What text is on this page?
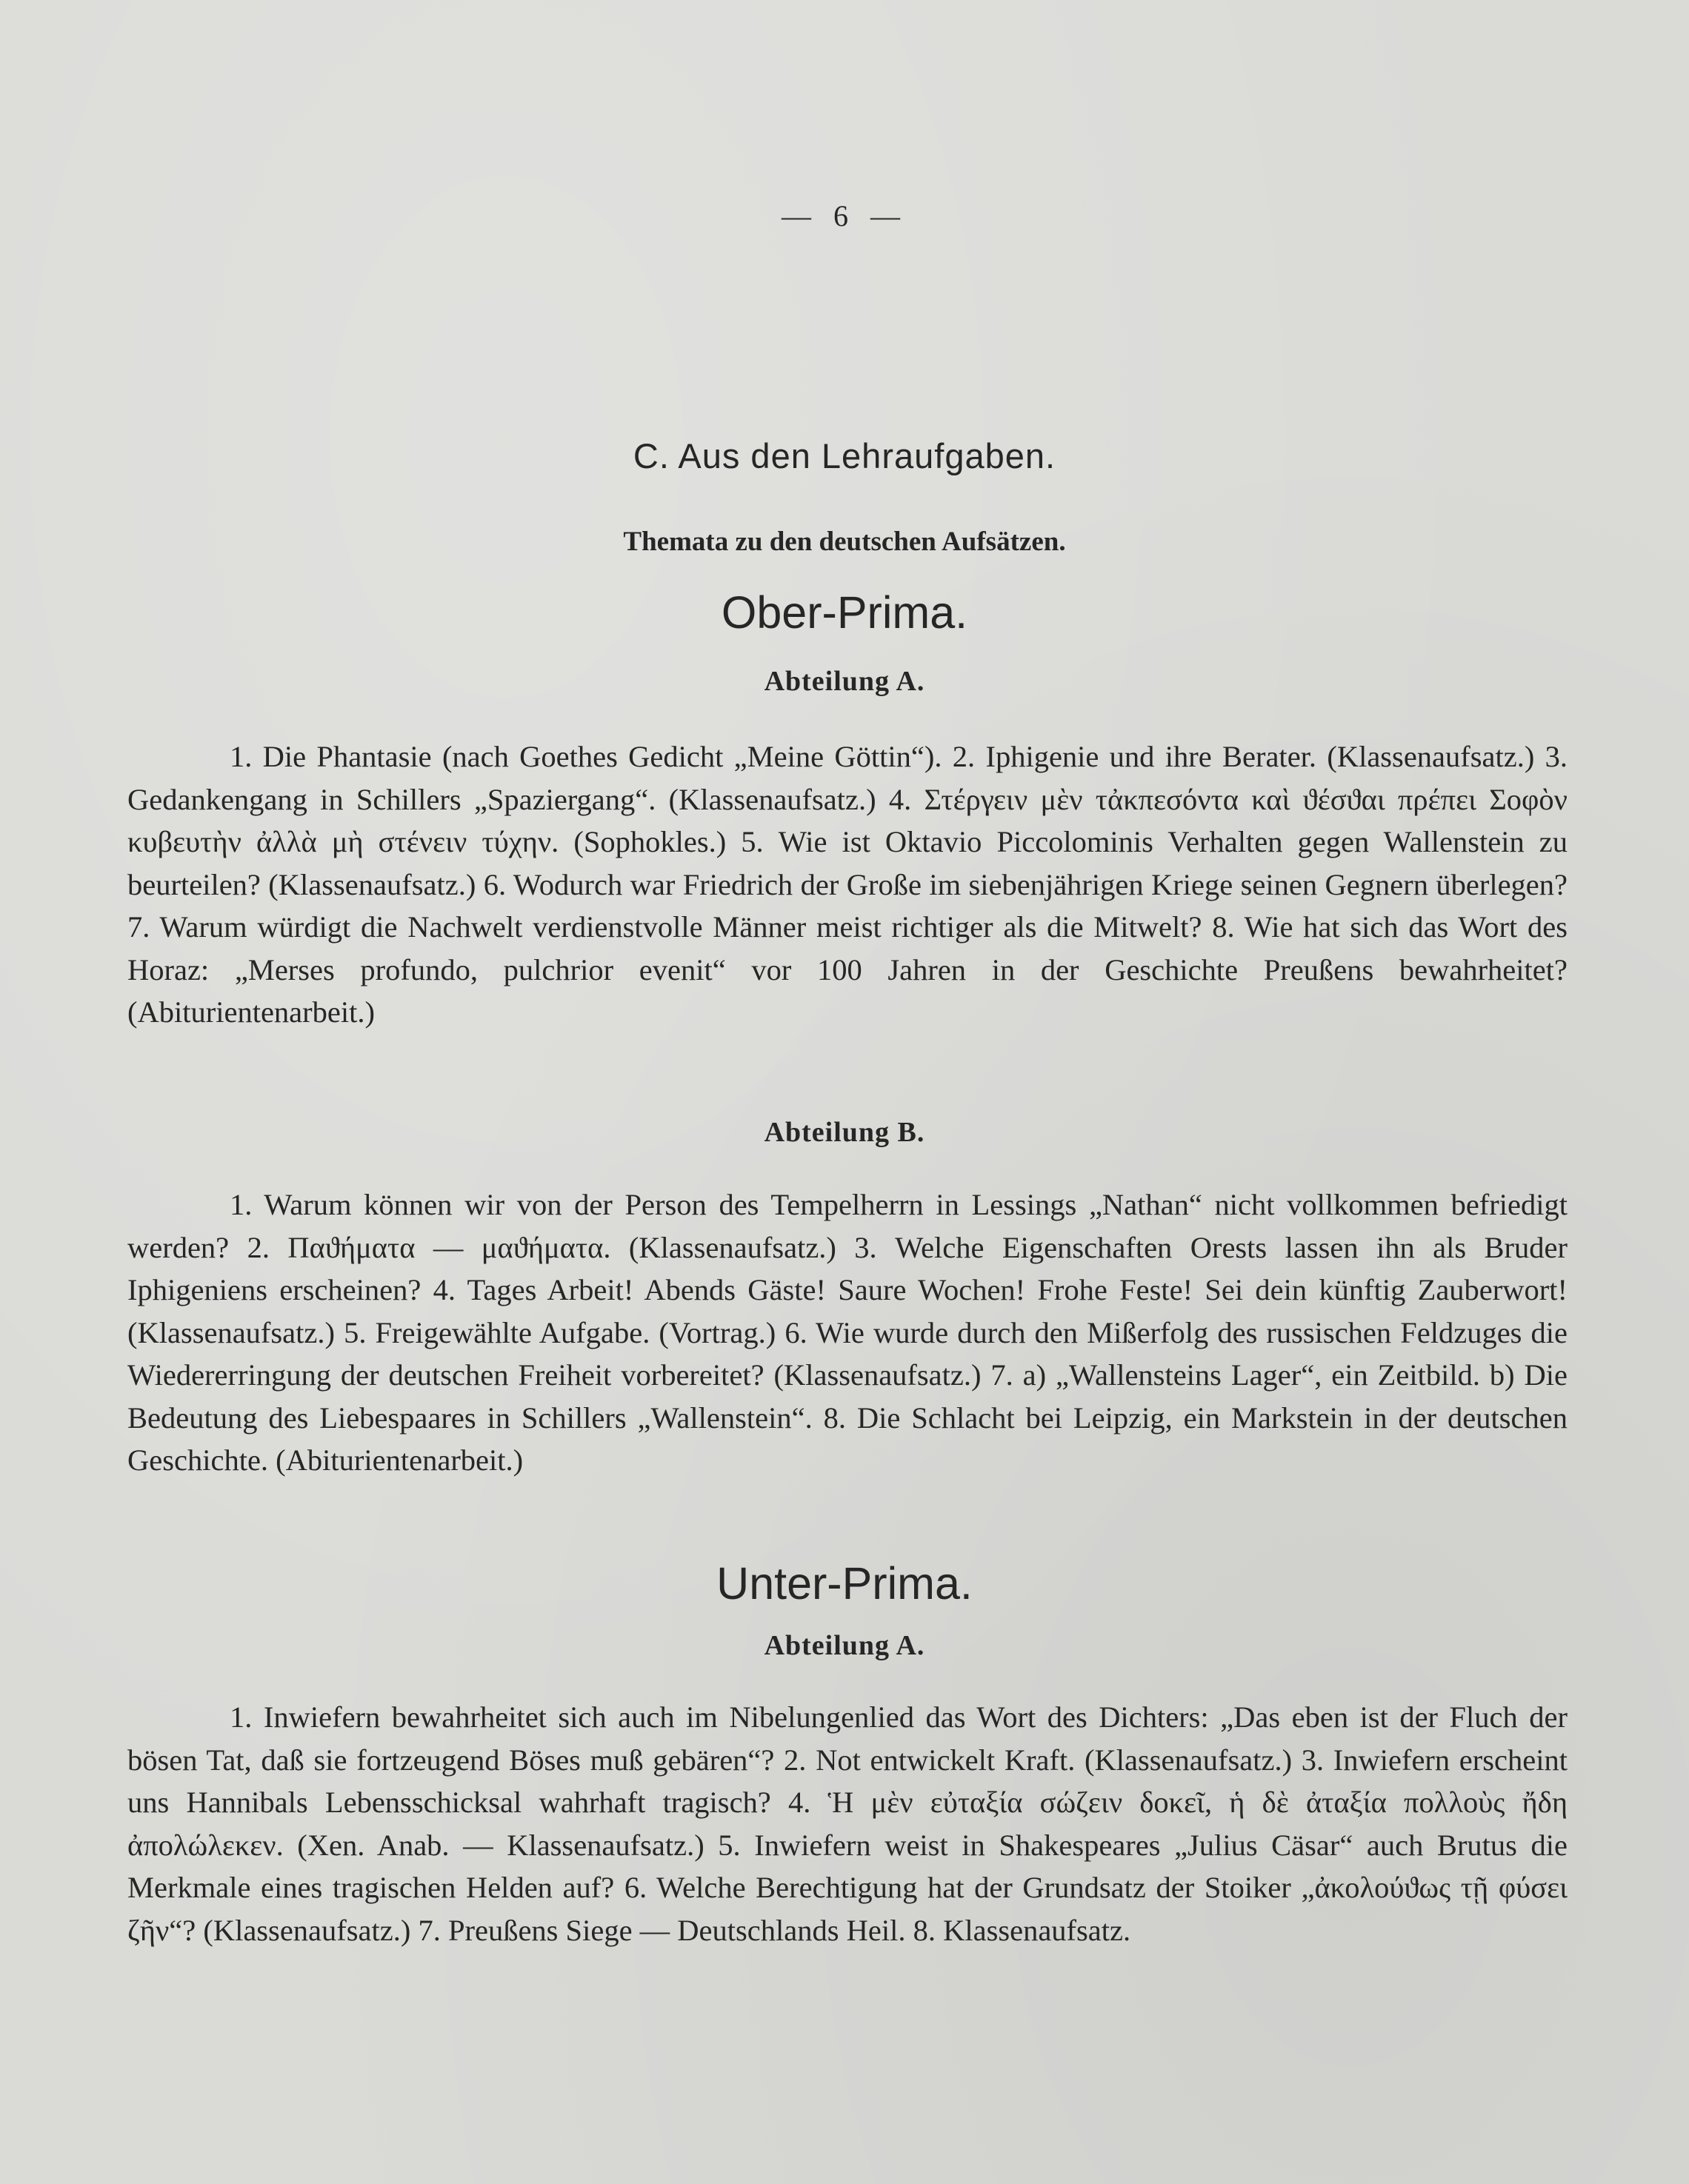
— 6 —
C. Aus den Lehraufgaben.
Themata zu den deutschen Aufsätzen.
Ober-Prima.
Abteilung A.

1. Die Phantasie (nach Goethes Gedicht „Meine Göttin“). 2. Iphigenie und ihre Berater. (Klassenaufsatz.) 3. Gedankengang in Schillers „Spaziergang“. (Klassenaufsatz.) 4. Στέργειν μὲν τἀκπεσόντα καὶ ϑέσϑαι πρέπει Σοφὸν κυβευτὴν ἀλλὰ μὴ στένειν τύχην. (Sophokles.) 5. Wie ist Oktavio Piccolominis Verhalten gegen Wallenstein zu beurteilen? (Klassenaufsatz.) 6. Wodurch war Friedrich der Große im siebenjährigen Kriege seinen Gegnern überlegen? 7. Warum würdigt die Nachwelt verdienstvolle Männer meist richtiger als die Mitwelt? 8. Wie hat sich das Wort des Horaz: „Merses profundo, pulchrior evenit“ vor 100 Jahren in der Geschichte Preußens bewahrheitet? (Abiturientenarbeit.)

Abteilung B.

1. Warum können wir von der Person des Tempelherrn in Lessings „Nathan“ nicht vollkommen befriedigt werden? 2. Παϑήματα — μαϑήματα. (Klassenaufsatz.) 3. Welche Eigenschaften Orests lassen ihn als Bruder Iphigeniens erscheinen? 4. Tages Arbeit! Abends Gäste! Saure Wochen! Frohe Feste! Sei dein künftig Zauberwort! (Klassenaufsatz.) 5. Freigewählte Aufgabe. (Vortrag.) 6. Wie wurde durch den Mißerfolg des russischen Feldzuges die Wiedererringung der deutschen Freiheit vorbereitet? (Klassenaufsatz.) 7. a) „Wallensteins Lager“, ein Zeitbild. b) Die Bedeutung des Liebespaares in Schillers „Wallenstein“. 8. Die Schlacht bei Leipzig, ein Markstein in der deutschen Geschichte. (Abiturientenarbeit.)

Unter-Prima.
Abteilung A.

1. Inwiefern bewahrheitet sich auch im Nibelungenlied das Wort des Dichters: „Das eben ist der Fluch der bösen Tat, daß sie fortzeugend Böses muß gebären“? 2. Not entwickelt Kraft. (Klassenaufsatz.) 3. Inwiefern erscheint uns Hannibals Lebensschicksal wahrhaft tragisch? 4. Ἡ μὲν εὐταξία σώζειν δοκεῖ, ἡ δὲ ἀταξία πολλοὺς ἤδη ἀπολώλεκεν. (Xen. Anab. — Klassenaufsatz.) 5. Inwiefern weist in Shakespeares „Julius Cäsar“ auch Brutus die Merkmale eines tragischen Helden auf? 6. Welche Berechtigung hat der Grundsatz der Stoiker „ἀκολούϑως τῇ φύσει ζῆν“? (Klassenaufsatz.) 7. Preußens Siege — Deutschlands Heil. 8. Klassenaufsatz.
